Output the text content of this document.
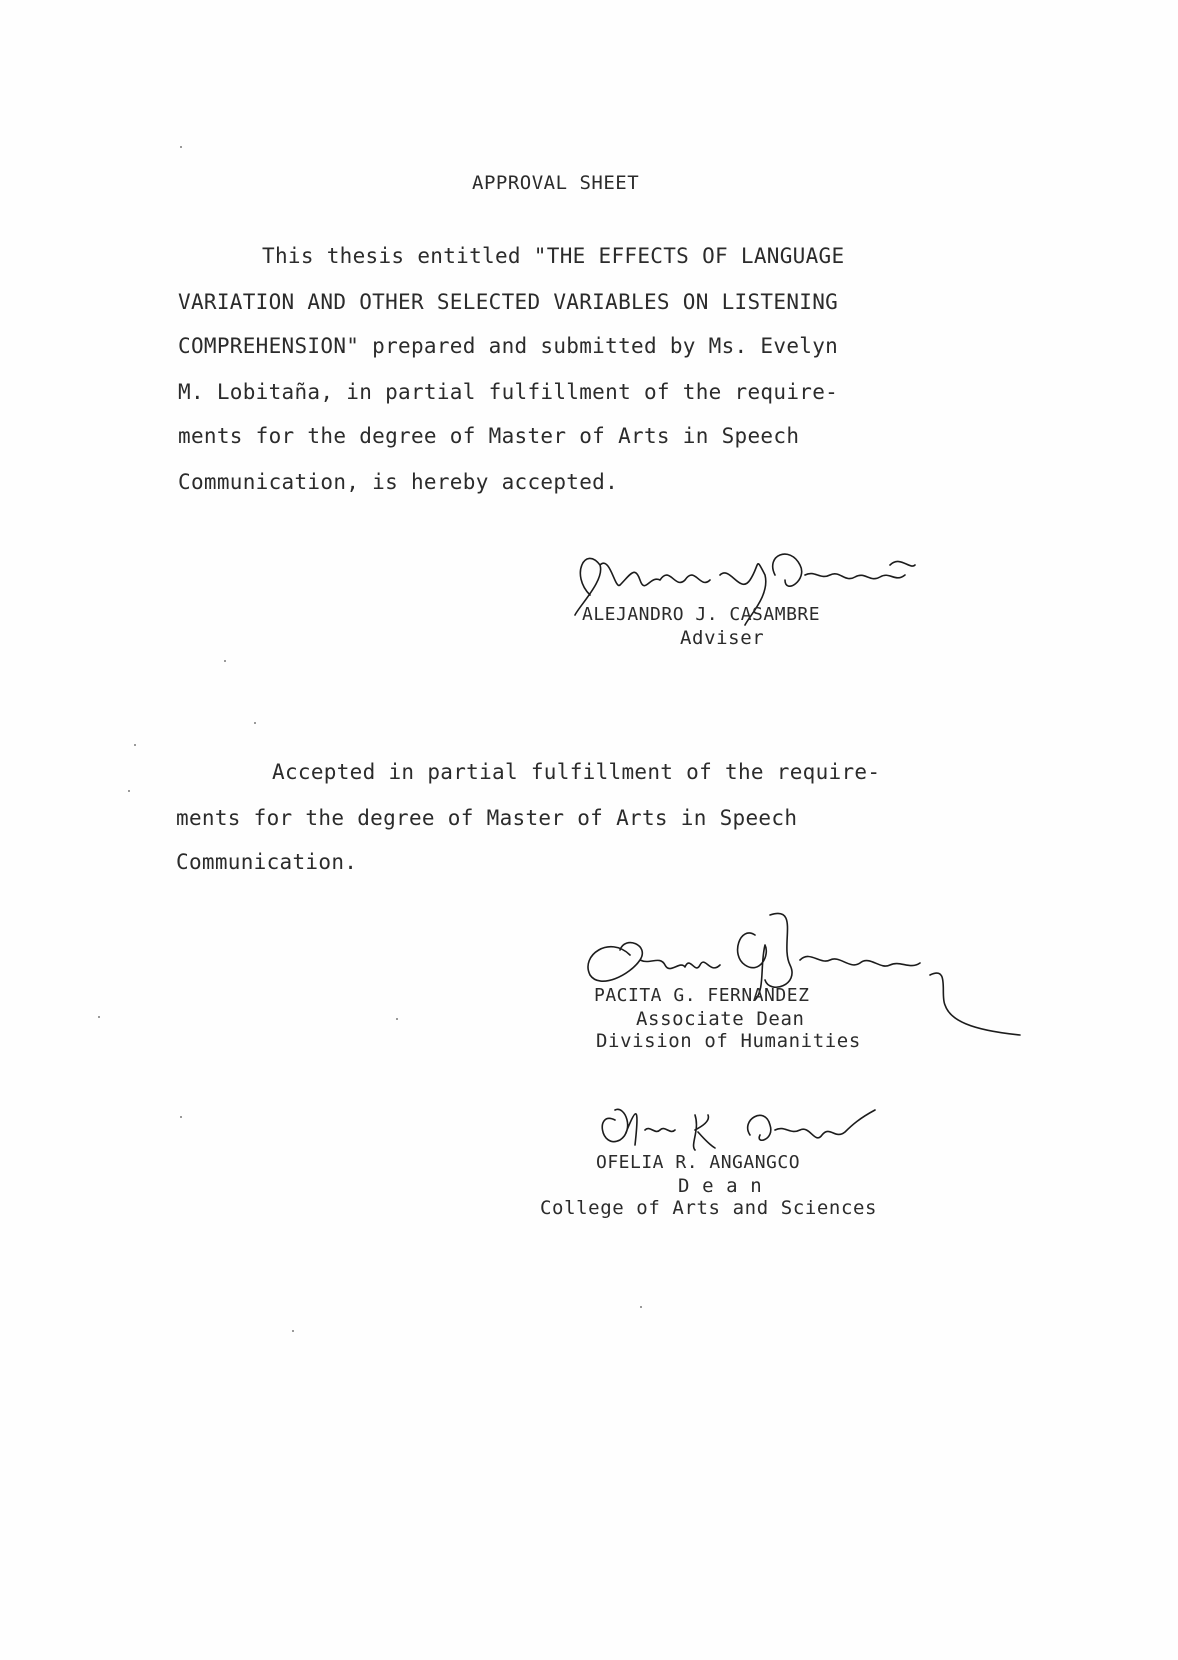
APPROVAL SHEET
This thesis entitled "THE EFFECTS OF LANGUAGE
VARIATION AND OTHER SELECTED VARIABLES ON LISTENING
COMPREHENSION" prepared and submitted by Ms. Evelyn
M. Lobitaña, in partial fulfillment of the require-
ments for the degree of Master of Arts in Speech
Communication, is hereby accepted.
ALEJANDRO J. CASAMBRE
Adviser
Accepted in partial fulfillment of the require-
ments for the degree of Master of Arts in Speech
Communication.
PACITA G. FERNANDEZ
Associate Dean
Division of Humanities
OFELIA R. ANGANGCO
D e a n
College of Arts and Sciences
